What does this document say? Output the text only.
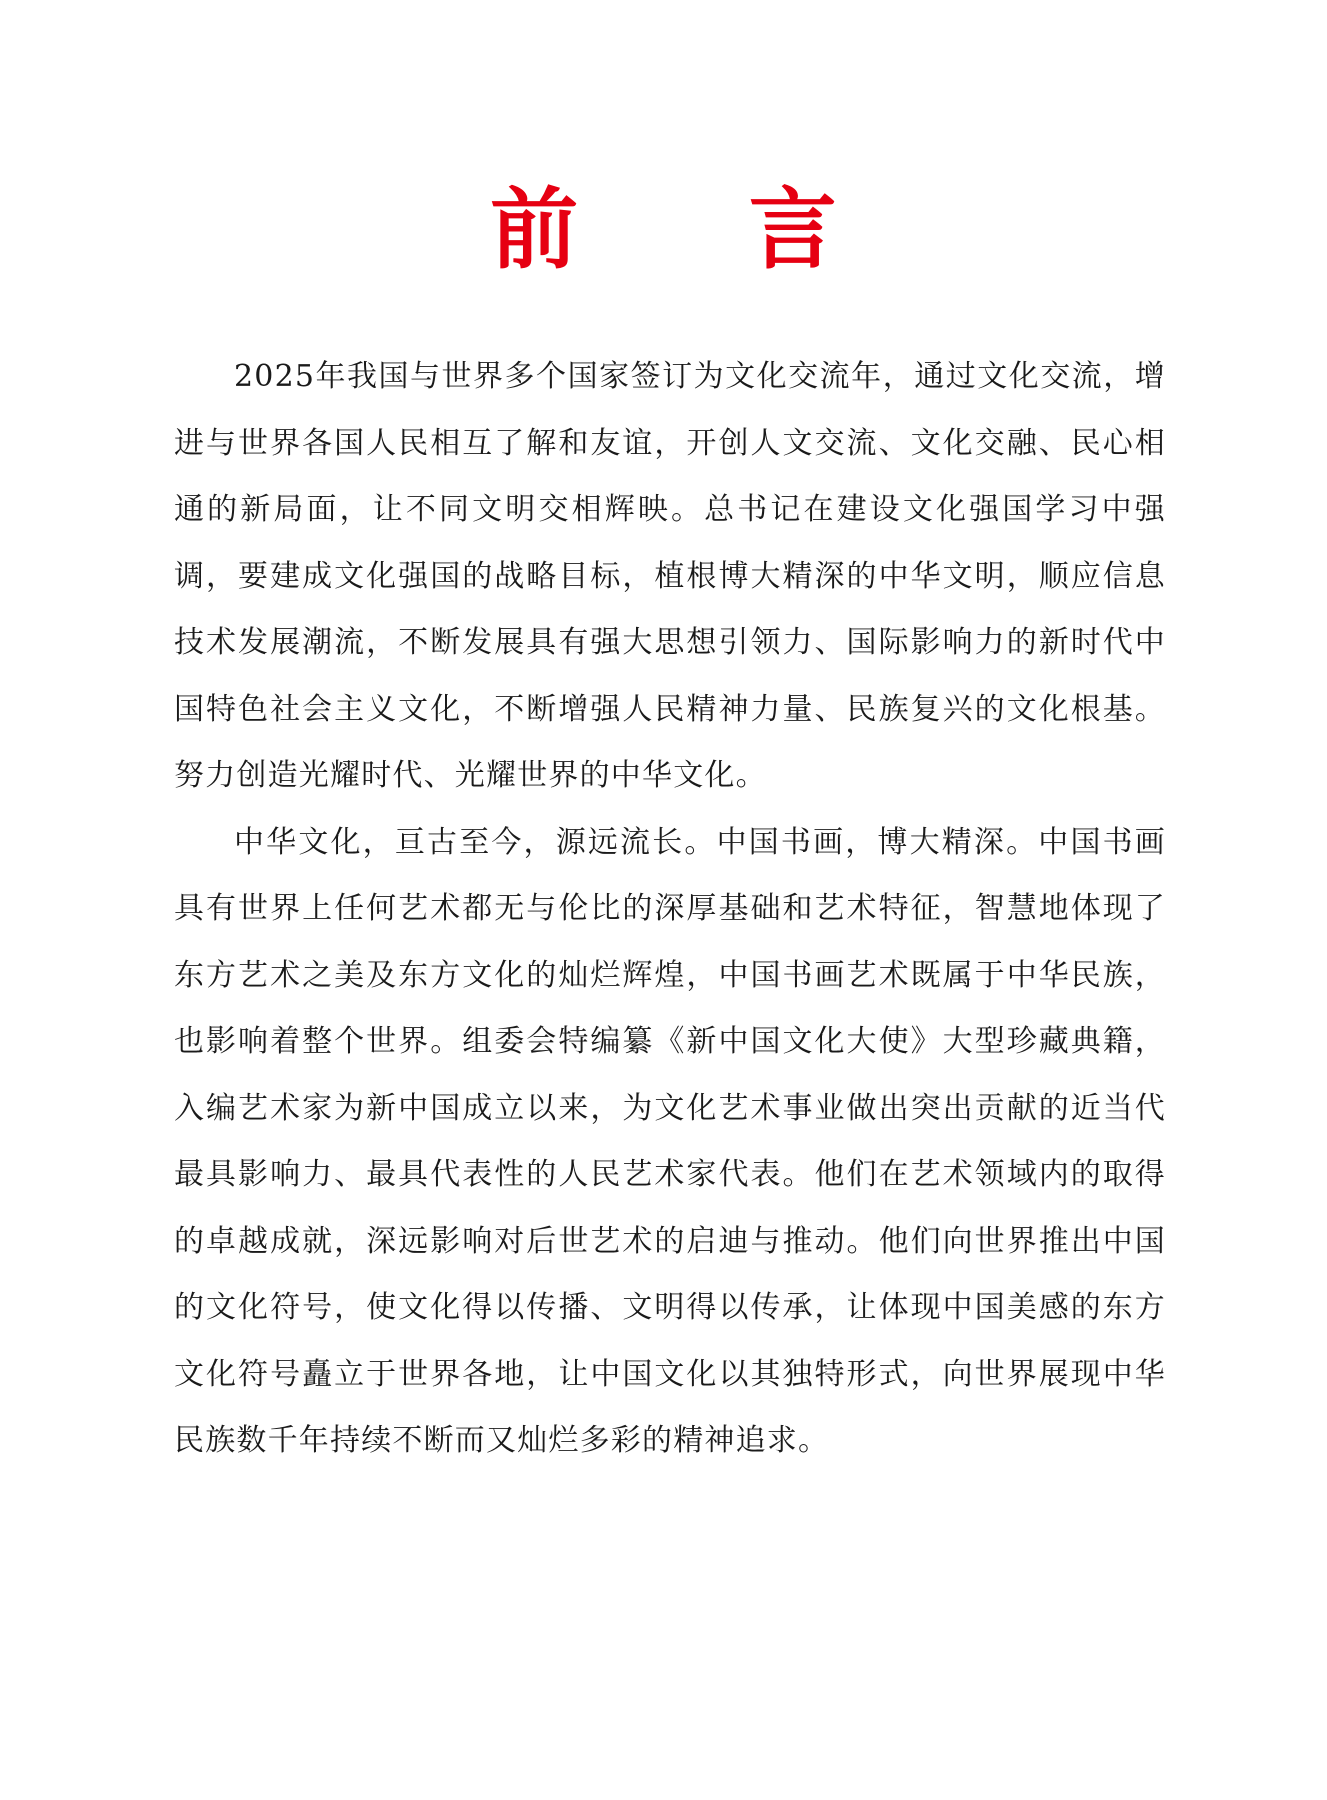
前 言

2025年我国与世界多个国家签订为文化交流年，通过文化交流，增进与世界各国人民相互了解和友谊，开创人文交流、文化交融、民心相通的新局面，让不同文明交相辉映。总书记在建设文化强国学习中强调，要建成文化强国的战略目标，植根博大精深的中华文明，顺应信息技术发展潮流，不断发展具有强大思想引领力、国际影响力的新时代中国特色社会主义文化，不断增强人民精神力量、民族复兴的文化根基。努力创造光耀时代、光耀世界的中华文化。

中华文化，亘古至今，源远流长。中国书画，博大精深。中国书画具有世界上任何艺术都无与伦比的深厚基础和艺术特征，智慧地体现了东方艺术之美及东方文化的灿烂辉煌，中国书画艺术既属于中华民族，也影响着整个世界。组委会特编纂《新中国文化大使》大型珍藏典籍，入编艺术家为新中国成立以来，为文化艺术事业做出突出贡献的近当代最具影响力、最具代表性的人民艺术家代表。他们在艺术领域内的取得的卓越成就，深远影响对后世艺术的启迪与推动。他们向世界推出中国的文化符号，使文化得以传播、文明得以传承，让体现中国美感的东方文化符号矗立于世界各地，让中国文化以其独特形式，向世界展现中华民族数千年持续不断而又灿烂多彩的精神追求。
